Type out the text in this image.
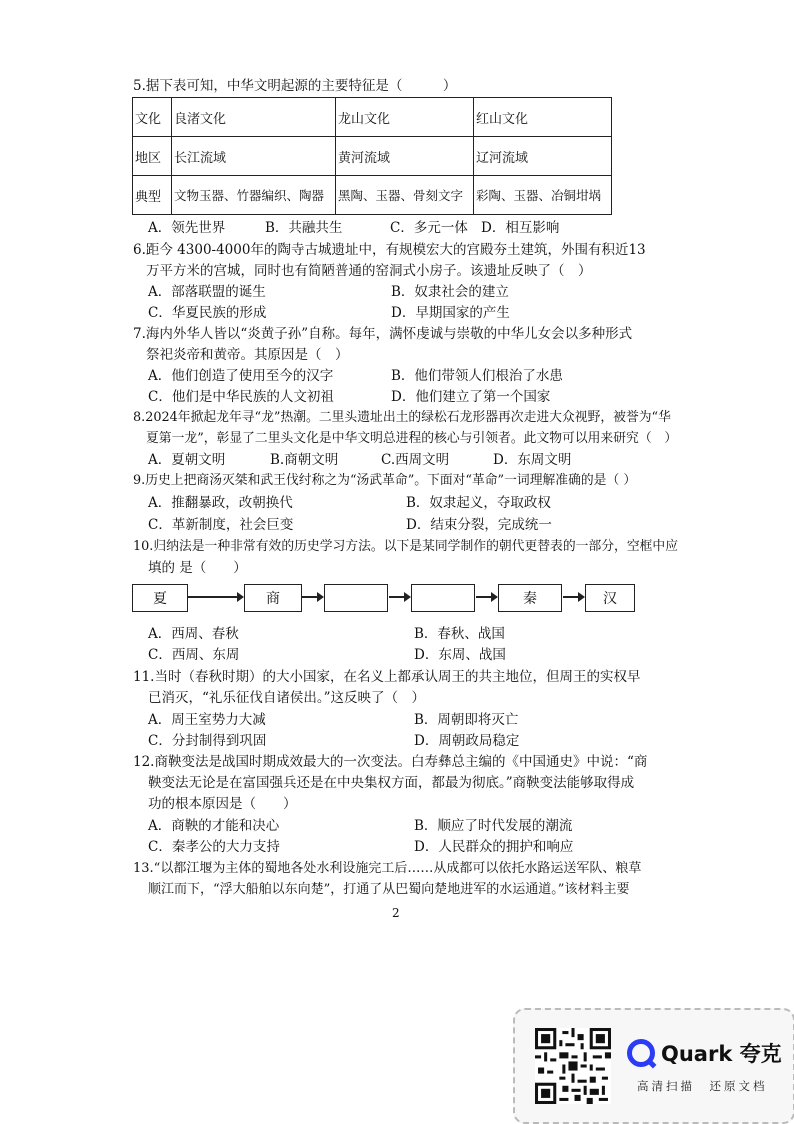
5.据下表可知，中华文明起源的主要特征是（　　　）
文化	良渚文化	龙山文化	红山文化
地区	长江流域	黄河流域	辽河流域
典型	文物玉器、竹器编织、陶器	黑陶、玉器、骨刻文字	彩陶、玉器、冶铜坩埚
A．领先世界	B．共融共生	C．多元一体 D．相互影响
6.距今 4300-4000年的陶寺古城遗址中，有规模宏大的宫殿夯土建筑，外围有积近13
万平方米的宫城，同时也有简陋普通的窑洞式小房子。该遗址反映了（　）
A．部落联盟的诞生	B．奴隶社会的建立
C．华夏民族的形成	D．早期国家的产生
7.海内外华人皆以“炎黄子孙”自称。每年，满怀虔诚与崇敬的中华儿女会以多种形式
祭祀炎帝和黄帝。其原因是（　）
A．他们创造了使用至今的汉字	B．他们带领人们根治了水患
C．他们是中华民族的人文初祖	D．他们建立了第一个国家
8.2024年掀起龙年寻“龙”热潮。二里头遗址出土的绿松石龙形器再次走进大众视野，被誉为“华
夏第一龙”，彰显了二里头文化是中华文明总进程的核心与引领者。此文物可以用来研究（　）
A．夏朝文明	B.商朝文明	C.西周文明	D．东周文明
9.历史上把商汤灭桀和武王伐纣称之为“汤武革命”。下面对“革命”一词理解准确的是（ ）
A．推翻暴政，改朝换代	B．奴隶起义，夺取政权
C．革新制度，社会巨变	D．结束分裂，完成统一
10.归纳法是一种非常有效的历史学习方法。以下是某同学制作的朝代更替表的一部分，空框中应
填的 是（　　）
夏	商	秦	汉
A．西周、春秋	B．春秋、战国
C．西周、东周	D．东周、战国
11.当时（春秋时期）的大小国家，在名义上都承认周王的共主地位，但周王的实权早
已消灭，“礼乐征伐自诸侯出。”这反映了（　）
A．周王室势力大减	B．周朝即将灭亡
C．分封制得到巩固	D．周朝政局稳定
12.商鞅变法是战国时期成效最大的一次变法。白寿彝总主编的《中国通史》中说：“商
鞅变法无论是在富国强兵还是在中央集权方面，都最为彻底。”商鞅变法能够取得成
功的根本原因是（　　）
A．商鞅的才能和决心	B．顺应了时代发展的潮流
C．秦孝公的大力支持	D．人民群众的拥护和响应
13.“以都江堰为主体的蜀地各处水利设施完工后……从成都可以依托水路运送军队、粮草
顺江而下，“浮大船舶以东向楚”，打通了从巴蜀向楚地进军的水运通道。”该材料主要
2
Quark 夸克
高清扫描　还原文档
